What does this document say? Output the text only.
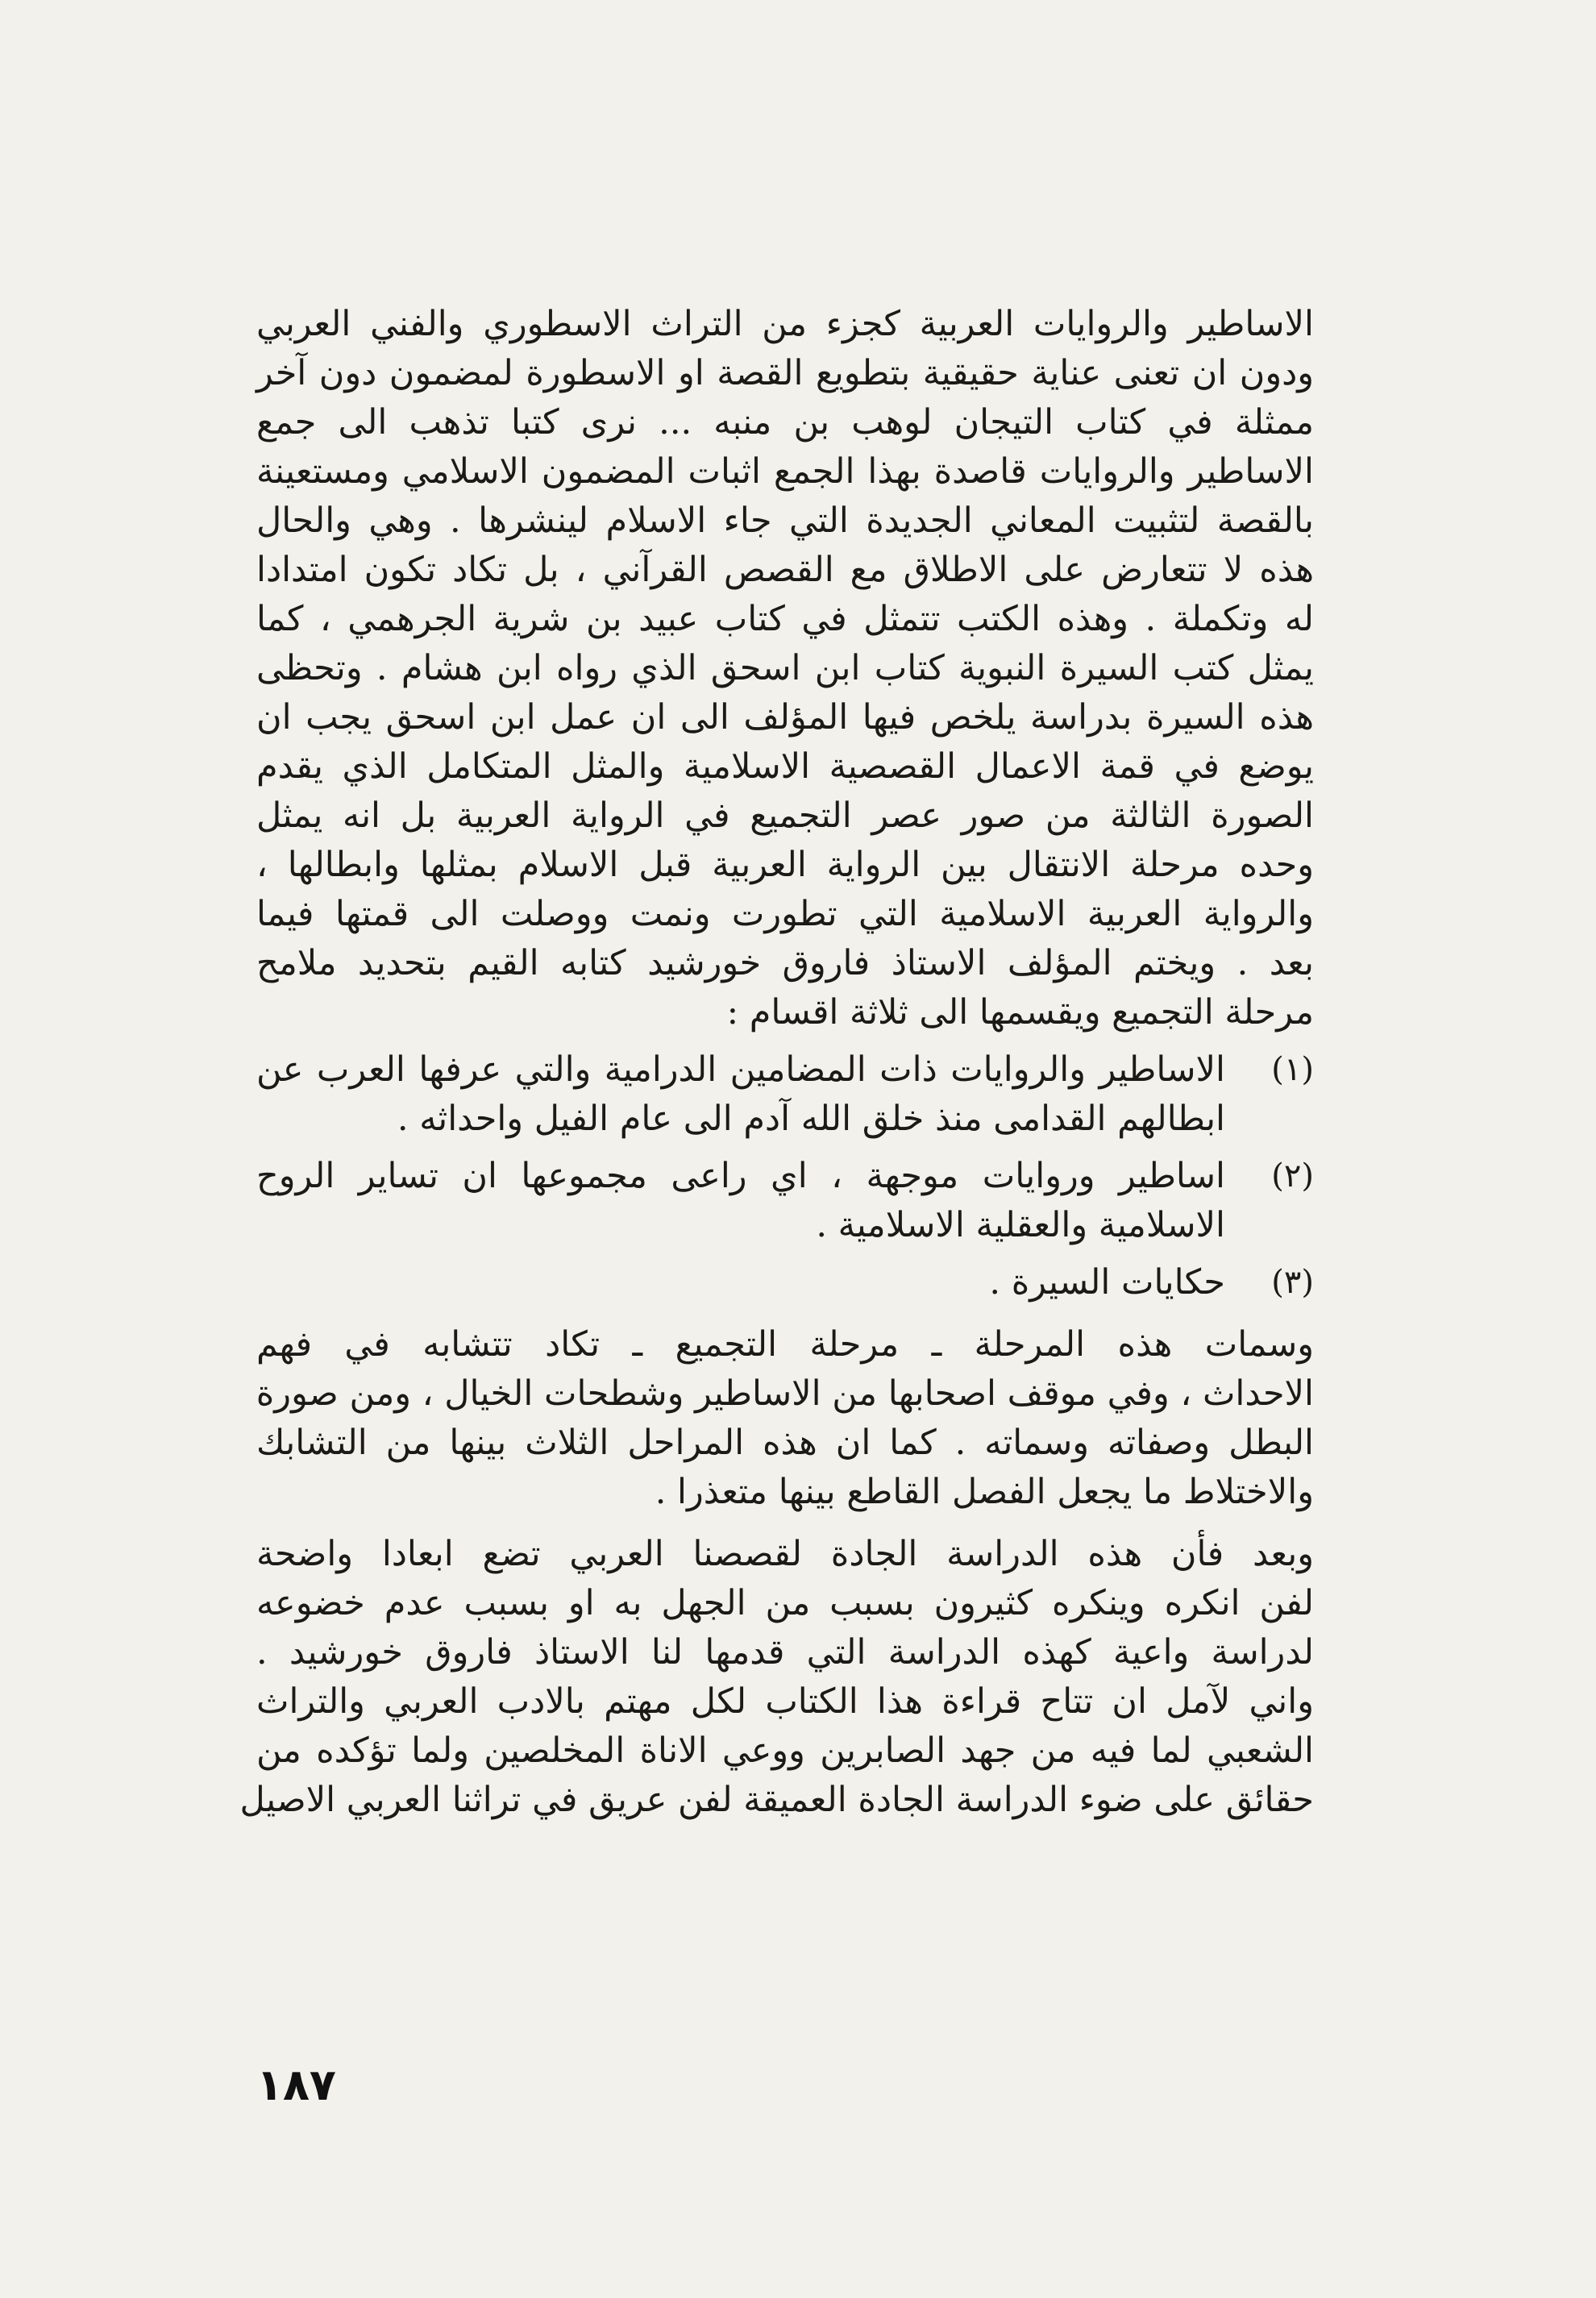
الاساطير والروايات العربية كجزء من التراث الاسطوري والفني العربي
ودون ان تعنى عناية حقيقية بتطويع القصة او الاسطورة لمضمون دون آخر
ممثلة في كتاب التيجان لوهب بن منبه ... نرى كتبا تذهب الى جمع
الاساطير والروايات قاصدة بهذا الجمع اثبات المضمون الاسلامي ومستعينة
بالقصة لتثبيت المعاني الجديدة التي جاء الاسلام لينشرها . وهي والحال
هذه لا تتعارض على الاطلاق مع القصص القرآني ، بل تكاد تكون امتدادا
له وتكملة . وهذه الكتب تتمثل في كتاب عبيد بن شرية الجرهمي ، كما
يمثل كتب السيرة النبوية كتاب ابن اسحق الذي رواه ابن هشام . وتحظى
هذه السيرة بدراسة يلخص فيها المؤلف الى ان عمل ابن اسحق يجب ان
يوضع في قمة الاعمال القصصية الاسلامية والمثل المتكامل الذي يقدم
الصورة الثالثة من صور عصر التجميع في الرواية العربية بل انه يمثل
وحده مرحلة الانتقال بين الرواية العربية قبل الاسلام بمثلها وابطالها ،
والرواية العربية الاسلامية التي تطورت ونمت ووصلت الى قمتها فيما
بعد . ويختم المؤلف الاستاذ فاروق خورشيد كتابه القيم بتحديد ملامح
مرحلة التجميع ويقسمها الى ثلاثة اقسام :
(١)
الاساطير والروايات ذات المضامين الدرامية والتي عرفها العرب عن
ابطالهم القدامى منذ خلق الله آدم الى عام الفيل واحداثه .
(٢)
اساطير وروايات موجهة ، اي راعى مجموعها ان تساير الروح
الاسلامية والعقلية الاسلامية .
(٣)
حكايات السيرة .
وسمات هذه المرحلة ـ مرحلة التجميع ـ تكاد تتشابه في فهم
الاحداث ، وفي موقف اصحابها من الاساطير وشطحات الخيال ، ومن صورة
البطل وصفاته وسماته . كما ان هذه المراحل الثلاث بينها من التشابك
والاختلاط ما يجعل الفصل القاطع بينها متعذرا .
وبعد فأن هذه الدراسة الجادة لقصصنا العربي تضع ابعادا واضحة
لفن انكره وينكره كثيرون بسبب من الجهل به او بسبب عدم خضوعه
لدراسة واعية كهذه الدراسة التي قدمها لنا الاستاذ فاروق خورشيد .
واني لآمل ان تتاح قراءة هذا الكتاب لكل مهتم بالادب العربي والتراث
الشعبي لما فيه من جهد الصابرين ووعي الاناة المخلصين ولما تؤكده من
حقائق على ضوء الدراسة الجادة العميقة لفن عريق في تراثنا العربي الاصيل
١٨٧
